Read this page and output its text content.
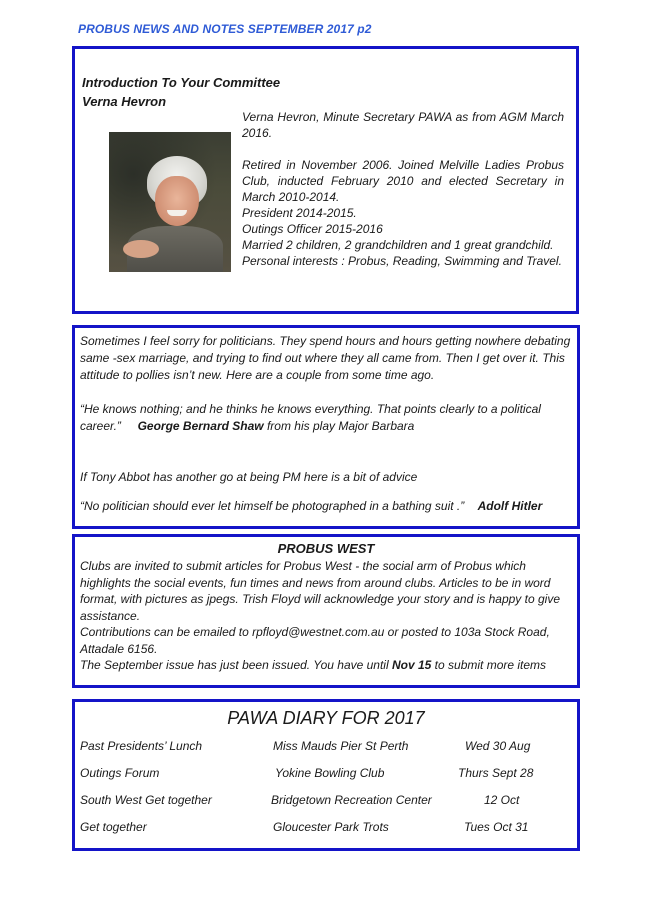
PROBUS NEWS AND NOTES SEPTEMBER 2017 p2
Introduction To Your Committee
Verna Hevron

Verna Hevron, Minute Secretary PAWA as from AGM March 2016.

Retired in November 2006. Joined Melville Ladies Probus Club, inducted February 2010 and elected Secretary in March 2010-2014.

President 2014-2015.

Outings Officer 2015-2016

Married 2 children, 2 grandchildren and 1 great grandchild.

Personal interests : Probus, Reading, Swimming and Travel.

Sometimes I feel sorry for politicians. They spend hours and hours getting nowhere debating same -sex marriage, and trying to find out where they all came from. Then I get over it. This attitude to pollies isn’t new. Here are a couple from some time ago.

“He knows nothing; and he thinks he knows everything. That points clearly to a political career.” George Bernard Shaw from his play Major Barbara

If Tony Abbot has another go at being PM here is a bit of advice

“No politician should ever let himself be photographed in a bathing suit .” Adolf Hitler

PROBUS WEST

Clubs are invited to submit articles for Probus West - the social arm of Probus which highlights the social events, fun times and news from around clubs. Articles to be in word format, with pictures as jpegs. Trish Floyd will acknowledge your story and is happy to give assistance.

Contributions can be emailed to rpfloyd@westnet.com.au or posted to 103a Stock Road, Attadale 6156.

The September issue has just been issued. You have until Nov 15 to submit more items

PAWA DIARY FOR 2017
Past Presidents’ Lunch	Miss Mauds Pier St Perth	Wed 30 Aug
Outings Forum	Yokine Bowling Club	Thurs Sept 28
South West Get together	Bridgetown Recreation Center	12 Oct
Get together	Gloucester Park Trots	Tues Oct 31
